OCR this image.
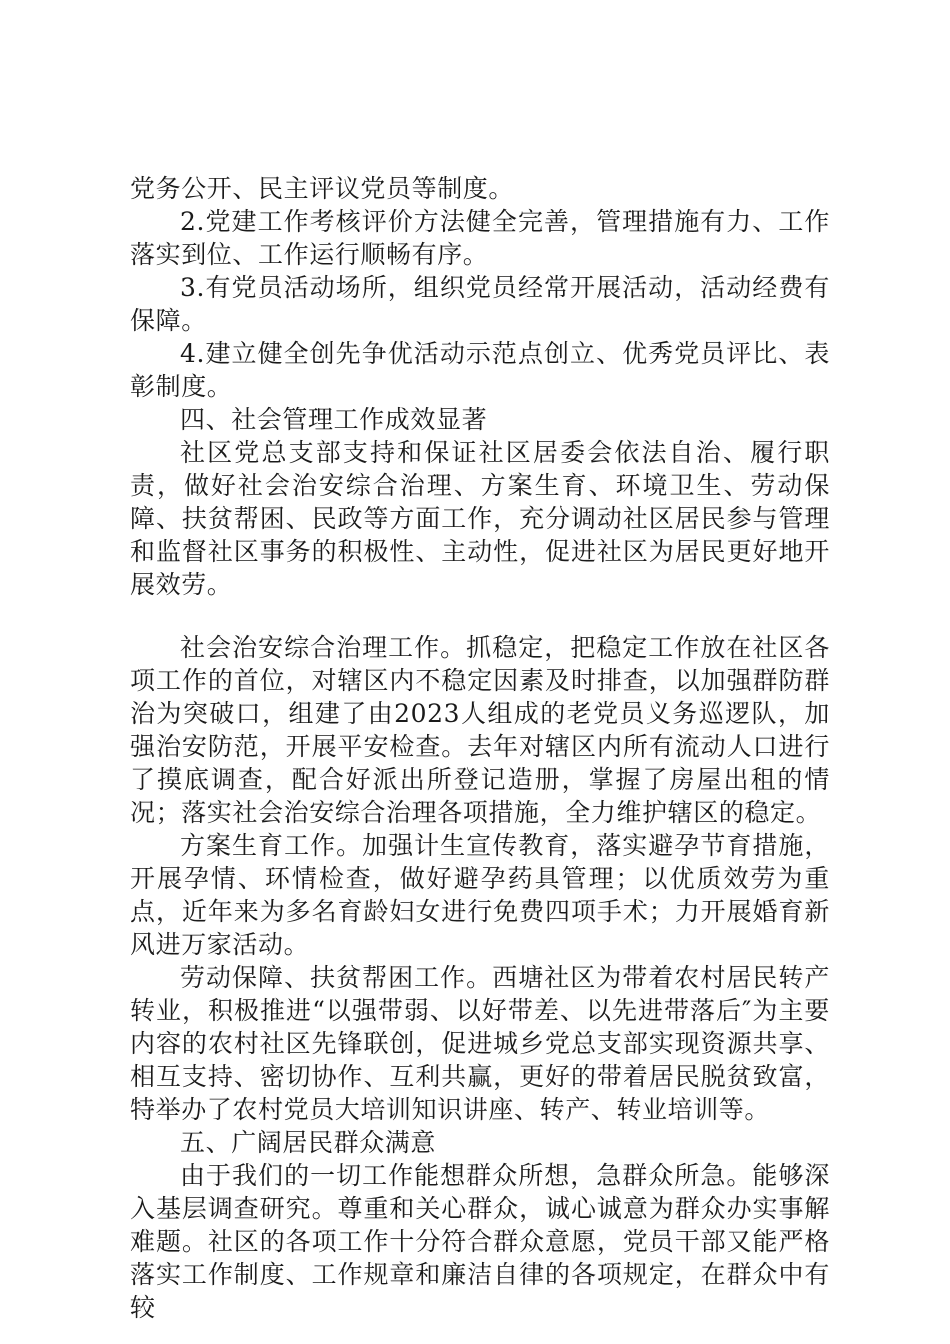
党务公开、民主评议党员等制度。

2.党建工作考核评价方法健全完善，管理措施有力、工作落实到位、工作运行顺畅有序。

3.有党员活动场所，组织党员经常开展活动，活动经费有保障。

4.建立健全创先争优活动示范点创立、优秀党员评比、表彰制度。

四、社会管理工作成效显著

社区党总支部支持和保证社区居委会依法自治、履行职责，做好社会治安综合治理、方案生育、环境卫生、劳动保障、扶贫帮困、民政等方面工作，充分调动社区居民参与管理和监督社区事务的积极性、主动性，促进社区为居民更好地开展效劳。

社会治安综合治理工作。抓稳定，把稳定工作放在社区各项工作的首位，对辖区内不稳定因素及时排查，以加强群防群治为突破口，组建了由2023人组成的老党员义务巡逻队，加强治安防范，开展平安检查。去年对辖区内所有流动人口进行了摸底调查，配合好派出所登记造册，掌握了房屋出租的情况；落实社会治安综合治理各项措施，全力维护辖区的稳定。

方案生育工作。加强计生宣传教育，落实避孕节育措施，开展孕情、环情检查，做好避孕药具管理；以优质效劳为重点，近年来为多名育龄妇女进行免费四项手术；力开展婚育新风进万家活动。

劳动保障、扶贫帮困工作。西塘社区为带着农村居民转产转业，积极推进“以强带弱、以好带差、以先进带落后″为主要内容的农村社区先锋联创，促进城乡党总支部实现资源共享、相互支持、密切协作、互利共赢，更好的带着居民脱贫致富，特举办了农村党员大培训知识讲座、转产、转业培训等。

五、广阔居民群众满意

由于我们的一切工作能想群众所想，急群众所急。能够深入基层调查研究。尊重和关心群众，诚心诚意为群众办实事解难题。社区的各项工作十分符合群众意愿，党员干部又能严格落实工作制度、工作规章和廉洁自律的各项规定，在群众中有较
